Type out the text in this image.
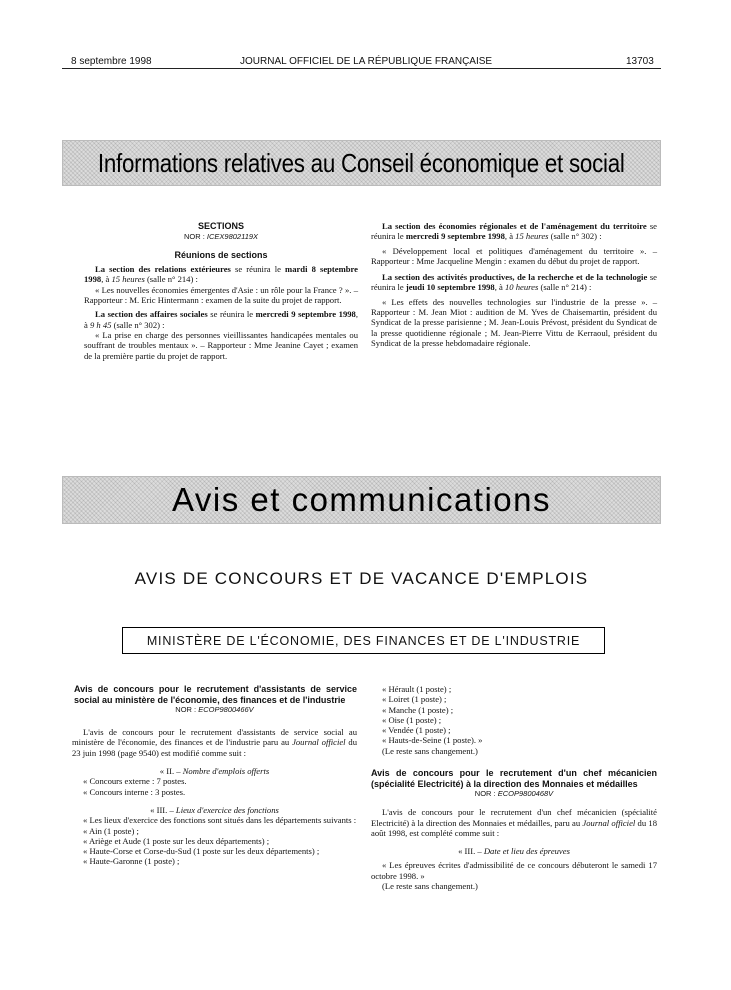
8 septembre 1998	JOURNAL OFFICIEL DE LA RÉPUBLIQUE FRANÇAISE	13703
Informations relatives au Conseil économique et social

SECTIONS

NOR : ICEX9802119X

Réunions de sections

La section des relations extérieures se réunira le mardi 8 septembre 1998, à 15 heures (salle n° 214) :

« Les nouvelles économies émergentes d'Asie : un rôle pour la France ? ». – Rapporteur : M. Eric Hintermann : examen de la suite du projet de rapport.

La section des affaires sociales se réunira le mercredi 9 septembre 1998, à 9 h 45 (salle n° 302) :

« La prise en charge des personnes vieillissantes handicapées mentales ou souffrant de troubles mentaux ». – Rapporteur : Mme Jeanine Cayet ; examen de la première partie du projet de rapport.

La section des économies régionales et de l'aménagement du territoire se réunira le mercredi 9 septembre 1998, à 15 heures (salle n° 302) :

« Développement local et politiques d'aménagement du territoire ». – Rapporteur : Mme Jacqueline Mengin : examen du début du projet de rapport.

La section des activités productives, de la recherche et de la technologie se réunira le jeudi 10 septembre 1998, à 10 heures (salle n° 214) :

« Les effets des nouvelles technologies sur l'industrie de la presse ». – Rapporteur : M. Jean Miot : audition de M. Yves de Chaisemartin, président du Syndicat de la presse parisienne ; M. Jean-Louis Prévost, président du Syndicat de la presse quotidienne régionale ; M. Jean-Pierre Vittu de Kerraoul, président du Syndicat de la presse hebdomadaire régionale.

Avis et communications
AVIS DE CONCOURS ET DE VACANCE D'EMPLOIS
MINISTÈRE DE L'ÉCONOMIE, DES FINANCES ET DE L'INDUSTRIE

Avis de concours pour le recrutement d'assistants de service social au ministère de l'économie, des finances et de l'industrie

NOR : ECOP9800466V

L'avis de concours pour le recrutement d'assistants de service social au ministère de l'économie, des finances et de l'industrie paru au Journal officiel du 23 juin 1998 (page 9540) est modifié comme suit :

« II. – Nombre d'emplois offerts

« Concours externe : 7 postes.

« Concours interne : 3 postes.

« III. – Lieux d'exercice des fonctions

« Les lieux d'exercice des fonctions sont situés dans les départements suivants :

« Ain (1 poste) ;

« Ariège et Aude (1 poste sur les deux départements) ;

« Haute-Corse et Corse-du-Sud (1 poste sur les deux départements) ;

« Haute-Garonne (1 poste) ;

« Hérault (1 poste) ;

« Loiret (1 poste) ;

« Manche (1 poste) ;

« Oise (1 poste) ;

« Vendée (1 poste) ;

« Hauts-de-Seine (1 poste). »

(Le reste sans changement.)

Avis de concours pour le recrutement d'un chef mécanicien (spécialité Electricité) à la direction des Monnaies et médailles

NOR : ECOP9800468V

L'avis de concours pour le recrutement d'un chef mécanicien (spécialité Electricité) à la direction des Monnaies et médailles, paru au Journal officiel du 18 août 1998, est complété comme suit :

« III. – Date et lieu des épreuves

« Les épreuves écrites d'admissibilité de ce concours débuteront le samedi 17 octobre 1998. »

(Le reste sans changement.)
